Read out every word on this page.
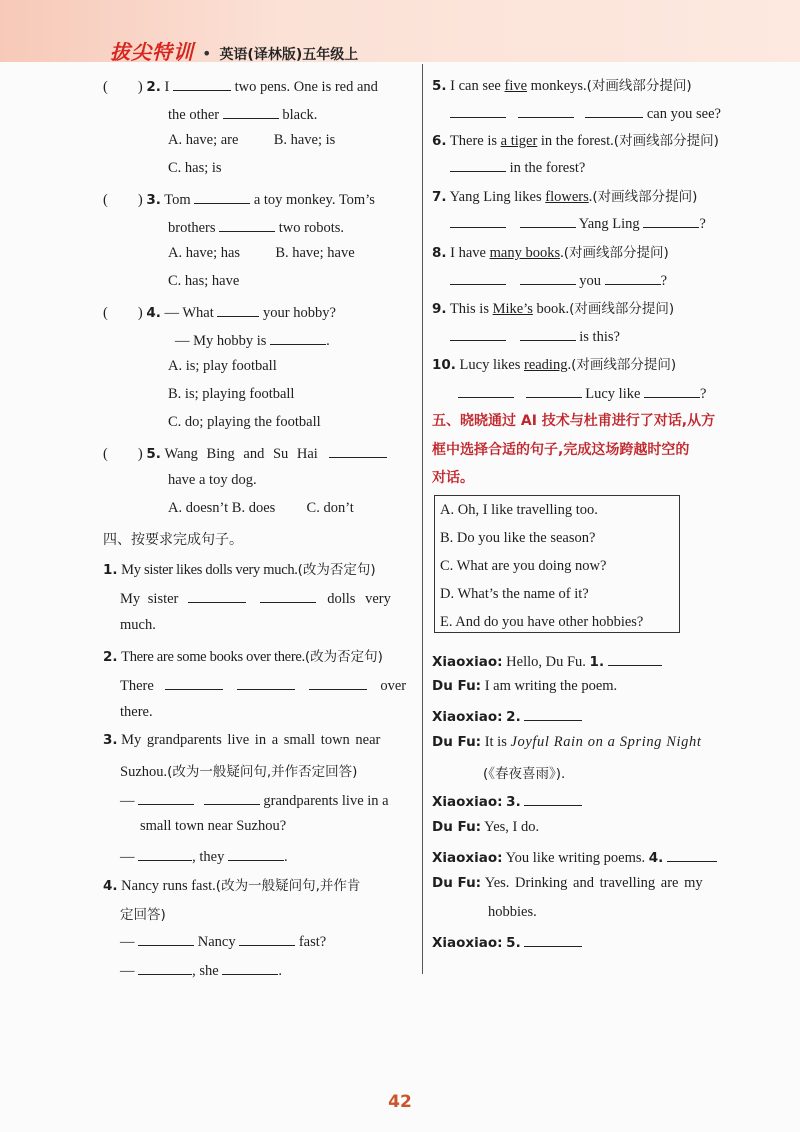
拔尖特训 • 英语(译林版)五年级上
( ) 2. I	two pens. One is red and
the other	black.
A. have; are B. have; is
C. has; is
( ) 3. Tom	a toy monkey. Tom’s
brothers	two robots.
A. have; has B. have; have
C. has; have
( ) 4. — What	your hobby?
— My hobby is	.
A. is; play football
B. is; playing football
C. do; playing the football
( ) 5. Wang Bing and Su Hai
have a toy dog.
A. doesn’t B. does C. don’t
四、按要求完成句子。
1. My sister likes dolls very much.(改为否定句)
My sister	dolls very
much.
2. There are some books over there.(改为否定句)
There	over
there.
3. My grandparents live in a small town near
Suzhou.(改为一般疑问句,并作否定回答)
—	grandparents live in a
small town near Suzhou?
—	, they	.
4. Nancy runs fast.(改为一般疑问句,并作肯
定回答)
—	Nancy	fast?
—	, she	.
5. I can see five monkeys.(对画线部分提问)
can you see?
6. There is a tiger in the forest.(对画线部分提问)
in the forest?
7. Yang Ling likes flowers.(对画线部分提问)
Yang Ling	?
8. I have many books.(对画线部分提问)
you	?
9. This is Mike’s book.(对画线部分提问)
is this?
10. Lucy likes reading.(对画线部分提问)
Lucy like	?
五、晓晓通过 AI 技术与杜甫进行了对话,从方
框中选择合适的句子,完成这场跨越时空的
对话。
A. Oh, I like travelling too.
B. Do you like the season?
C. What are you doing now?
D. What’s the name of it?
E. And do you have other hobbies?
Xiaoxiao: Hello, Du Fu. 1.
Du Fu: I am writing the poem.
Xiaoxiao: 2.
Du Fu: It is Joyful Rain on a Spring Night
(《春夜喜雨》).
Xiaoxiao: 3.
Du Fu: Yes, I do.
Xiaoxiao: You like writing poems. 4.
Du Fu: Yes. Drinking and travelling are my
hobbies.
Xiaoxiao: 5.
42
